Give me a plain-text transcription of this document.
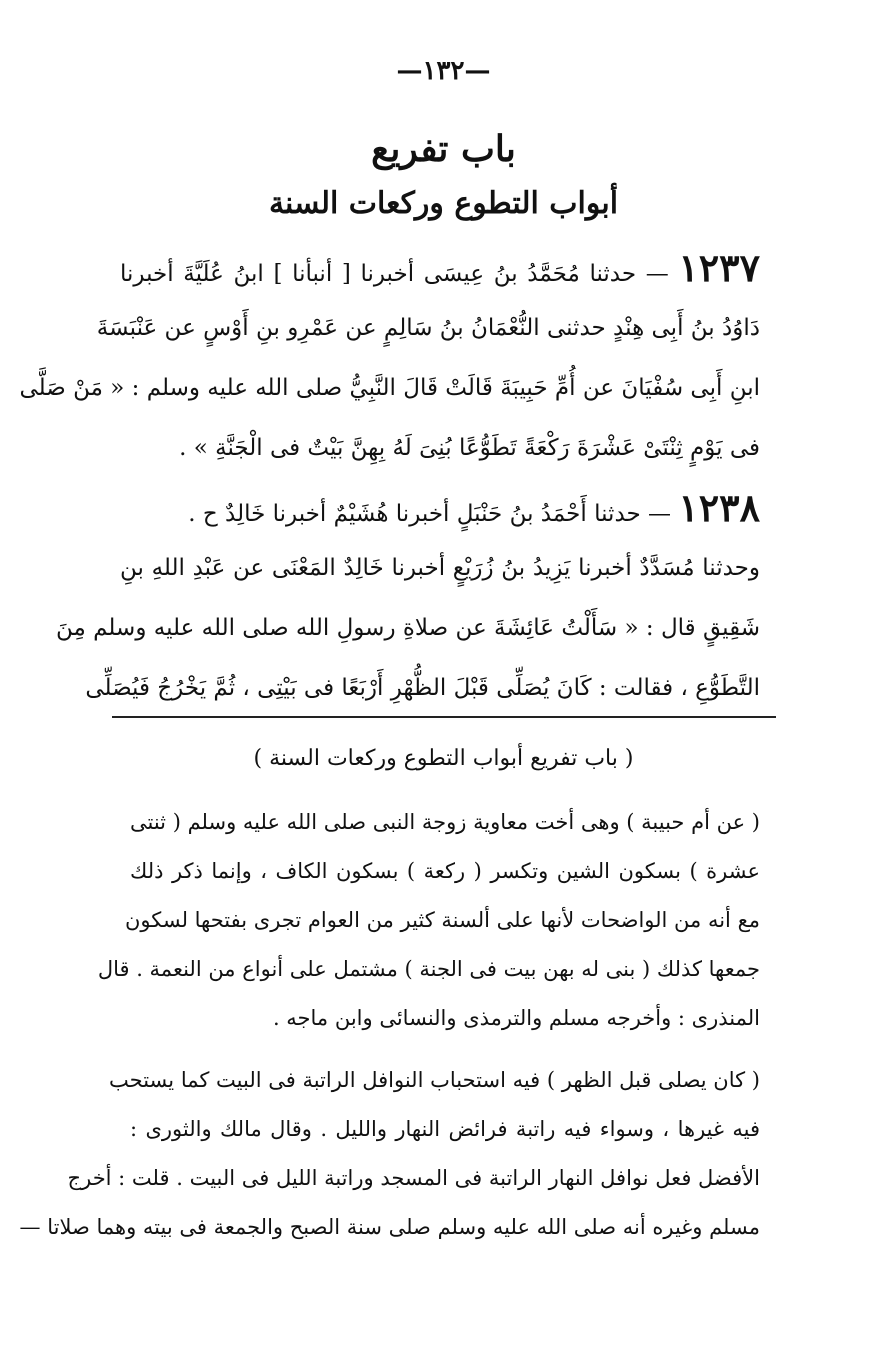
—١٣٢—
باب تفريع
أبواب التطوع وركعات السنة
١٢٣٧ — حدثنا مُحَمَّدُ بنُ عِيسَى أخبرنا [ أنبأنا ] ابنُ عُلَيَّةَ أخبرنا
دَاوُدُ بنُ أَبِى هِنْدٍ حدثنى النُّعْمَانُ بنُ سَالِمٍ عن عَمْرِو بنِ أَوْسٍ عن عَنْبَسَةَ
ابنِ أَبِى سُفْيَانَ عن أُمِّ حَبِيبَةَ قَالَتْ قَالَ النَّبِيُّ صلى الله عليه وسلم : « مَنْ صَلَّى
فى يَوْمٍ ثِنْتَىْ عَشْرَةَ رَكْعَةً تَطَوُّعًا بُنِىَ لَهُ بِهِنَّ بَيْتٌ فى الْجَنَّةِ » .
١٢٣٨ — حدثنا أَحْمَدُ بنُ حَنْبَلٍ أخبرنا هُشَيْمٌ أخبرنا خَالِدٌ ح .
وحدثنا مُسَدَّدٌ أخبرنا يَزِيدُ بنُ زُرَيْعٍ أخبرنا خَالِدٌ المَعْنَى عن عَبْدِ اللهِ بنِ
شَقِيقٍ قال : « سَأَلْتُ عَائِشَةَ عن صلاةِ رسولِ الله صلى الله عليه وسلم مِنَ
التَّطَوُّعِ ، فقالت : كَانَ يُصَلِّى قَبْلَ الظُّهْرِ أَرْبَعًا فى بَيْتِى ، ثُمَّ يَخْرُجُ فَيُصَلِّى
( باب تفريع أبواب التطوع وركعات السنة )
( عن أم حبيبة ) وهى أخت معاوية زوجة النبى صلى الله عليه وسلم ( ثنتى
عشرة ) بسكون الشين وتكسر ( ركعة ) بسكون الكاف ، وإنما ذكر ذلك
مع أنه من الواضحات لأنها على ألسنة كثير من العوام تجرى بفتحها لسكون
جمعها كذلك ( بنى له بهن بيت فى الجنة ) مشتمل على أنواع من النعمة . قال
المنذرى : وأخرجه مسلم والترمذى والنسائى وابن ماجه .
( كان يصلى قبل الظهر ) فيه استحباب النوافل الراتبة فى البيت كما يستحب
فيه غيرها ، وسواء فيه راتبة فرائض النهار والليل . وقال مالك والثورى :
الأفضل فعل نوافل النهار الراتبة فى المسجد وراتبة الليل فى البيت . قلت : أخرج
مسلم وغيره أنه صلى الله عليه وسلم صلى سنة الصبح والجمعة فى بيته وهما صلاتا —
